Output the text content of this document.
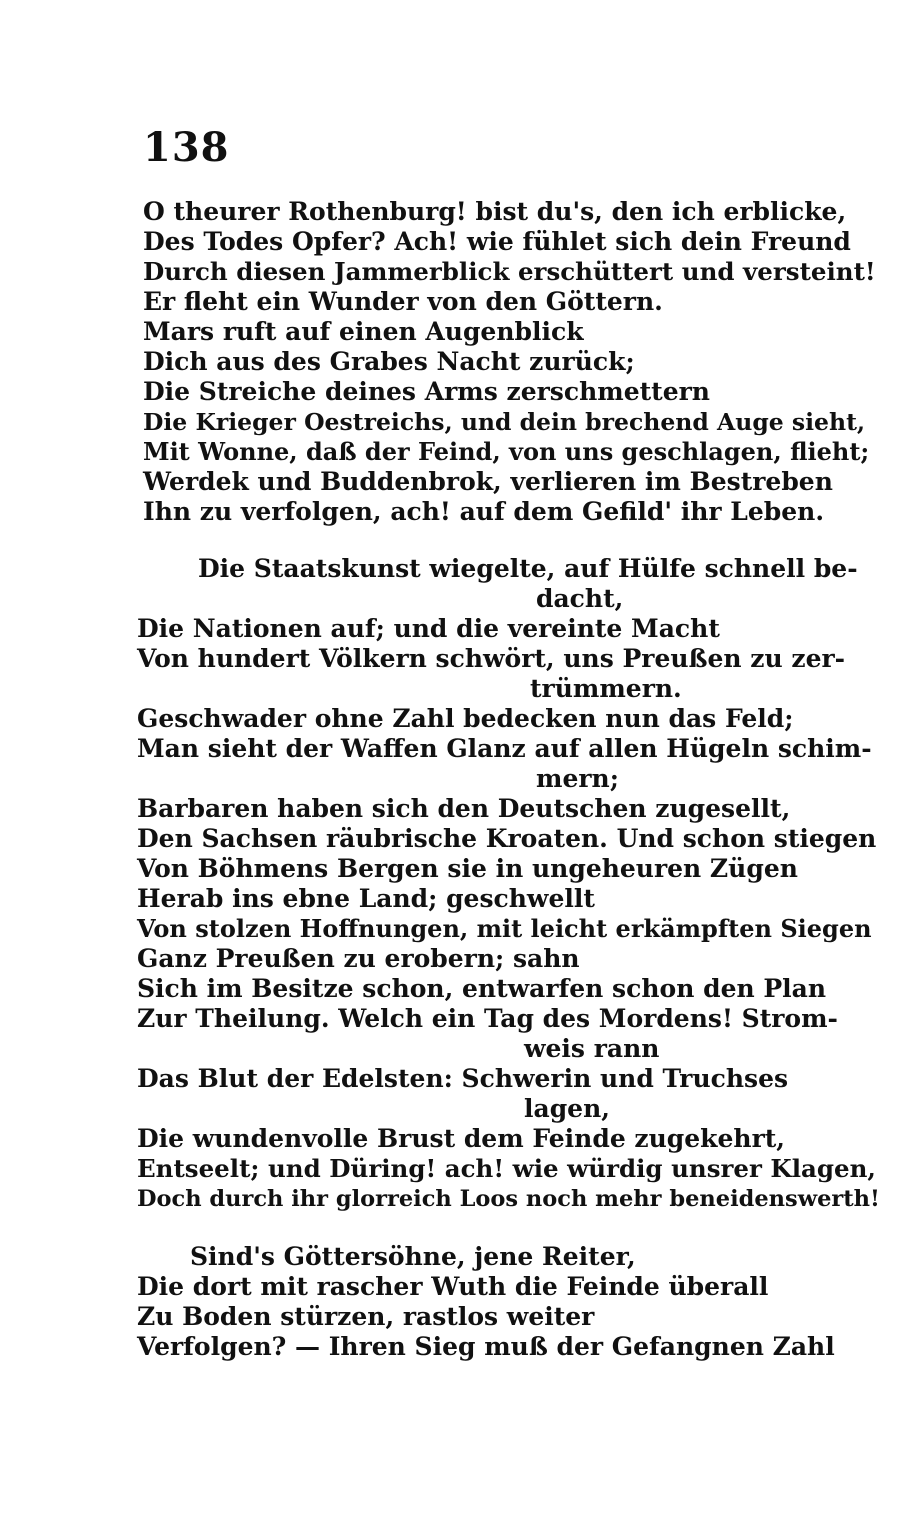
138
O theurer Rothenburg! bist du's, den ich erblicke,
Des Todes Opfer? Ach! wie fühlet sich dein Freund
Durch diesen Jammerblick erschüttert und versteint!
Er fleht ein Wunder von den Göttern.
Mars ruft auf einen Augenblick
Dich aus des Grabes Nacht zurück;
Die Streiche deines Arms zerschmettern
Die Krieger Oestreichs, und dein brechend Auge sieht,
Mit Wonne, daß der Feind, von uns geschlagen, flieht;
Werdek und Buddenbrok, verlieren im Bestreben
Ihn zu verfolgen, ach! auf dem Gefild' ihr Leben.
Die Staatskunst wiegelte, auf Hülfe schnell be-
dacht,
Die Nationen auf; und die vereinte Macht
Von hundert Völkern schwört, uns Preußen zu zer-
trümmern.
Geschwader ohne Zahl bedecken nun das Feld;
Man sieht der Waffen Glanz auf allen Hügeln schim-
mern;
Barbaren haben sich den Deutschen zugesellt,
Den Sachsen räubrische Kroaten. Und schon stiegen
Von Böhmens Bergen sie in ungeheuren Zügen
Herab ins ebne Land; geschwellt
Von stolzen Hoffnungen, mit leicht erkämpften Siegen
Ganz Preußen zu erobern; sahn
Sich im Besitze schon, entwarfen schon den Plan
Zur Theilung. Welch ein Tag des Mordens! Strom-
weis rann
Das Blut der Edelsten: Schwerin und Truchses
lagen,
Die wundenvolle Brust dem Feinde zugekehrt,
Entseelt; und Düring! ach! wie würdig unsrer Klagen,
Doch durch ihr glorreich Loos noch mehr beneidenswerth!
Sind's Göttersöhne, jene Reiter,
Die dort mit rascher Wuth die Feinde überall
Zu Boden stürzen, rastlos weiter
Verfolgen? — Ihren Sieg muß der Gefangnen Zahl
